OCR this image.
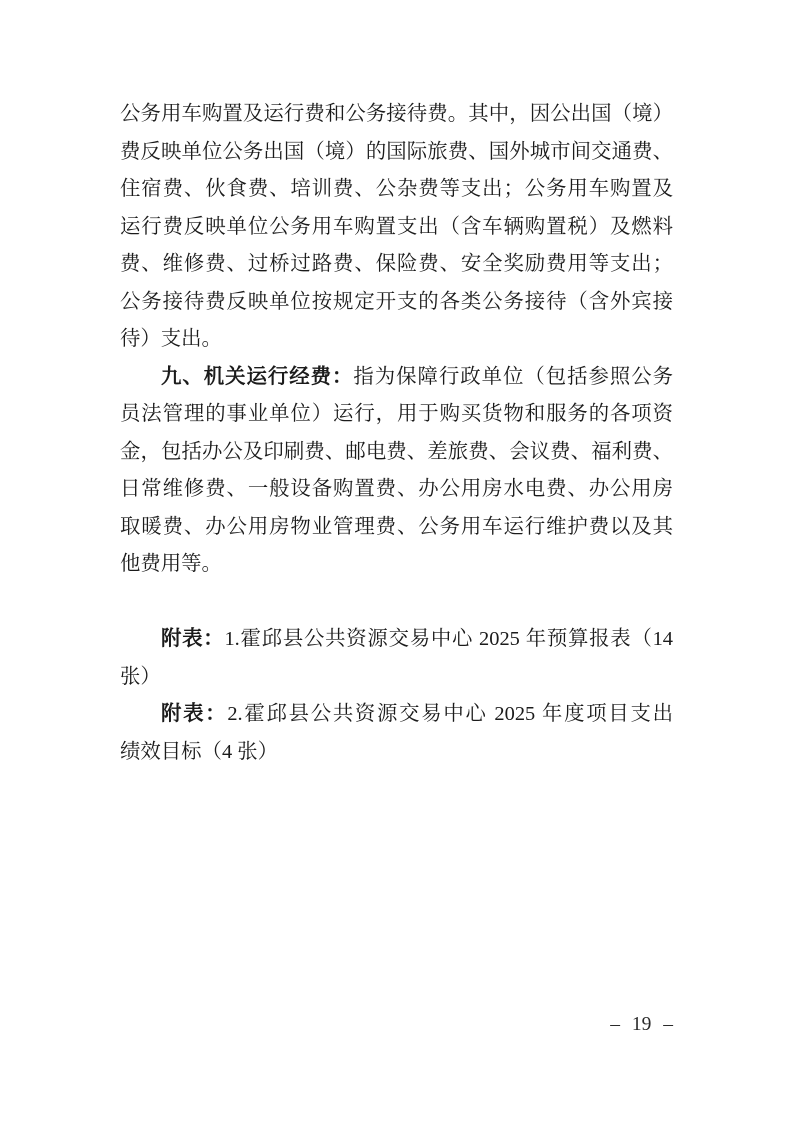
公务用车购置及运行费和公务接待费。其中，因公出国（境）
费反映单位公务出国（境）的国际旅费、国外城市间交通费、
住宿费、伙食费、培训费、公杂费等支出；公务用车购置及
运行费反映单位公务用车购置支出（含车辆购置税）及燃料
费、维修费、过桥过路费、保险费、安全奖励费用等支出；
公务接待费反映单位按规定开支的各类公务接待（含外宾接
待）支出。
九、机关运行经费：指为保障行政单位（包括参照公务
员法管理的事业单位）运行，用于购买货物和服务的各项资
金，包括办公及印刷费、邮电费、差旅费、会议费、福利费、
日常维修费、一般设备购置费、办公用房水电费、办公用房
取暖费、办公用房物业管理费、公务用车运行维护费以及其
他费用等。
附表：1.霍邱县公共资源交易中心 2025 年预算报表（14
张）
附表：2.霍邱县公共资源交易中心 2025 年度项目支出
绩效目标（4 张）
– 19 –
